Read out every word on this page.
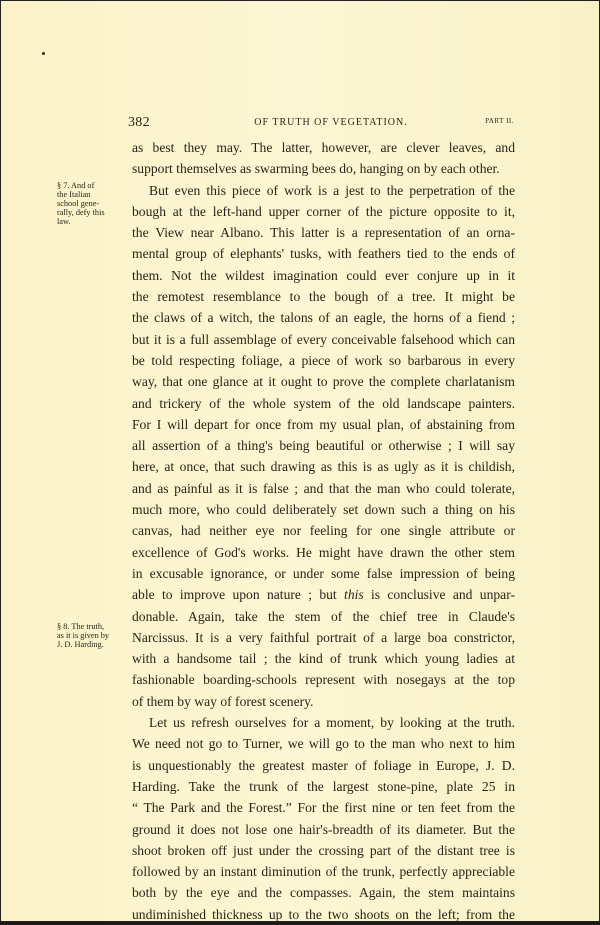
382	OF TRUTH OF VEGETATION.	PART II.
§ 7. And of
the Italian
school gene-
rally, defy this
law.
§ 8. The truth,
as it is given by
J. D. Harding.
as best they may. The latter, however, are clever leaves, and
support themselves as swarming bees do, hanging on by each other.
But even this piece of work is a jest to the perpetration of the
bough at the left-hand upper corner of the picture opposite to it,
the View near Albano. This latter is a representation of an orna-
mental group of elephants' tusks, with feathers tied to the ends of
them. Not the wildest imagination could ever conjure up in it
the remotest resemblance to the bough of a tree. It might be
the claws of a witch, the talons of an eagle, the horns of a fiend ;
but it is a full assemblage of every conceivable falsehood which can
be told respecting foliage, a piece of work so barbarous in every
way, that one glance at it ought to prove the complete charlatanism
and trickery of the whole system of the old landscape painters.
For I will depart for once from my usual plan, of abstaining from
all assertion of a thing's being beautiful or otherwise ; I will say
here, at once, that such drawing as this is as ugly as it is childish,
and as painful as it is false ; and that the man who could tolerate,
much more, who could deliberately set down such a thing on his
canvas, had neither eye nor feeling for one single attribute or
excellence of God's works. He might have drawn the other stem
in excusable ignorance, or under some false impression of being
able to improve upon nature ; but this is conclusive and unpar-
donable. Again, take the stem of the chief tree in Claude's
Narcissus. It is a very faithful portrait of a large boa constrictor,
with a handsome tail ; the kind of trunk which young ladies at
fashionable boarding-schools represent with nosegays at the top
of them by way of forest scenery.
Let us refresh ourselves for a moment, by looking at the truth.
We need not go to Turner, we will go to the man who next to him
is unquestionably the greatest master of foliage in Europe, J. D.
Harding. Take the trunk of the largest stone-pine, plate 25 in
“ The Park and the Forest.” For the first nine or ten feet from the
ground it does not lose one hair's-breadth of its diameter. But the
shoot broken off just under the crossing part of the distant tree is
followed by an instant diminution of the trunk, perfectly appreciable
both by the eye and the compasses. Again, the stem maintains
undiminished thickness up to the two shoots on the left; from the
